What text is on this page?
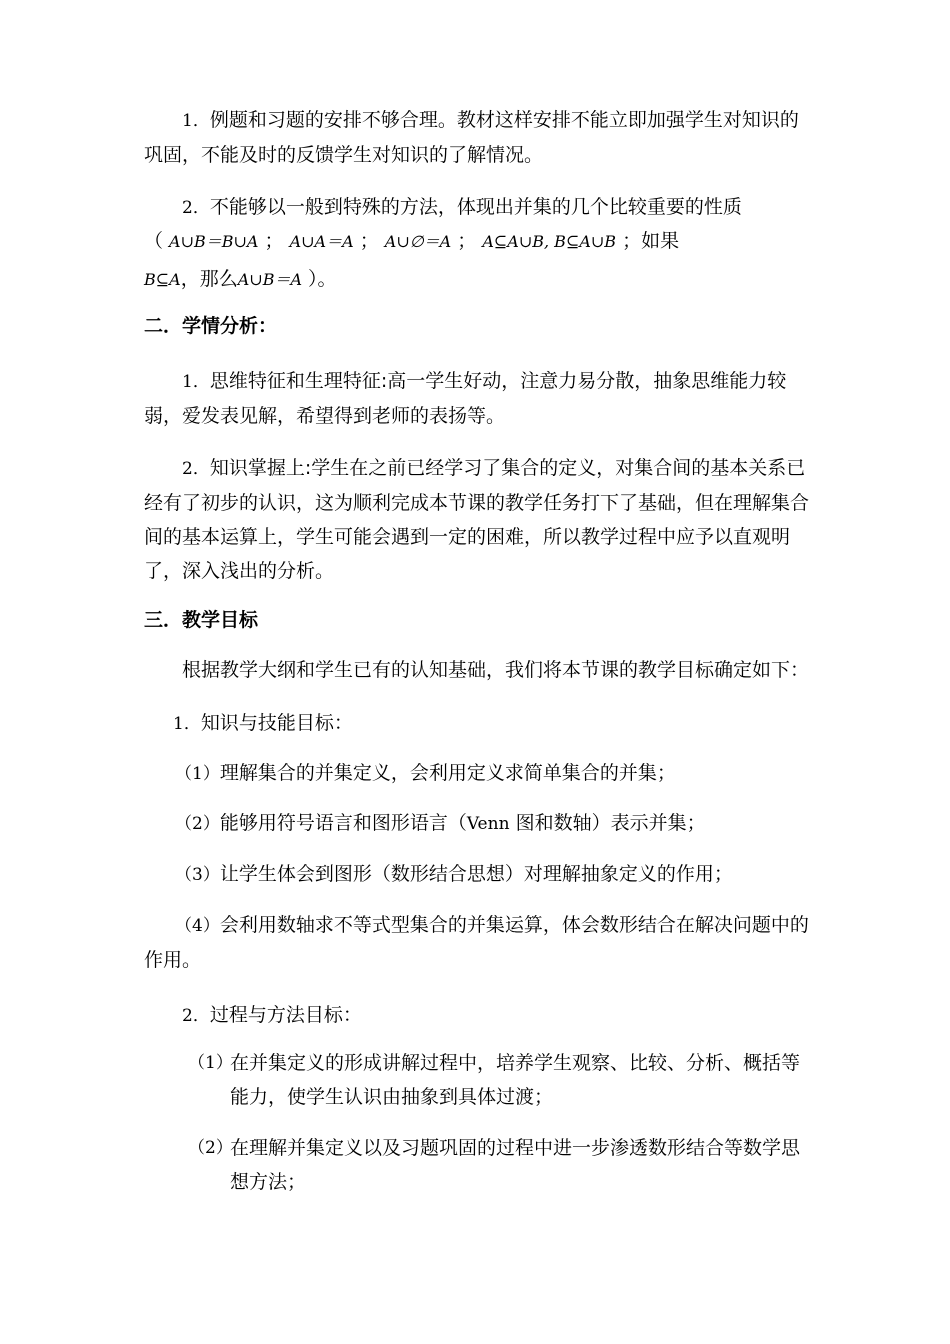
1．例题和习题的安排不够合理。教材这样安排不能立即加强学生对知识的巩固，不能及时的反馈学生对知识的了解情况。

2．不能够以一般到特殊的方法，体现出并集的几个比较重要的性质

（ A∪B＝B∪A ； A∪A＝A ； A∪∅＝A ； A⊆A∪B, B⊆A∪B ；如果

B⊆A，那么A∪B＝A ）。

二．学情分析：

1．思维特征和生理特征:高一学生好动，注意力易分散，抽象思维能力较弱，爱发表见解，希望得到老师的表扬等。

2．知识掌握上:学生在之前已经学习了集合的定义，对集合间的基本关系已经有了初步的认识，这为顺利完成本节课的教学任务打下了基础，但在理解集合间的基本运算上，学生可能会遇到一定的困难，所以教学过程中应予以直观明了，深入浅出的分析。

三．教学目标

根据教学大纲和学生已有的认知基础，我们将本节课的教学目标确定如下：

1．知识与技能目标：

（1）理解集合的并集定义，会利用定义求简单集合的并集；

（2）能够用符号语言和图形语言（Venn 图和数轴）表示并集；

（3）让学生体会到图形（数形结合思想）对理解抽象定义的作用；

（4）会利用数轴求不等式型集合的并集运算，体会数形结合在解决问题中的作用。

2．过程与方法目标：

（1）
在并集定义的形成讲解过程中，培养学生观察、比较、分析、概括等能力，使学生认识由抽象到具体过渡；
（2）
在理解并集定义以及习题巩固的过程中进一步渗透数形结合等数学思想方法；
